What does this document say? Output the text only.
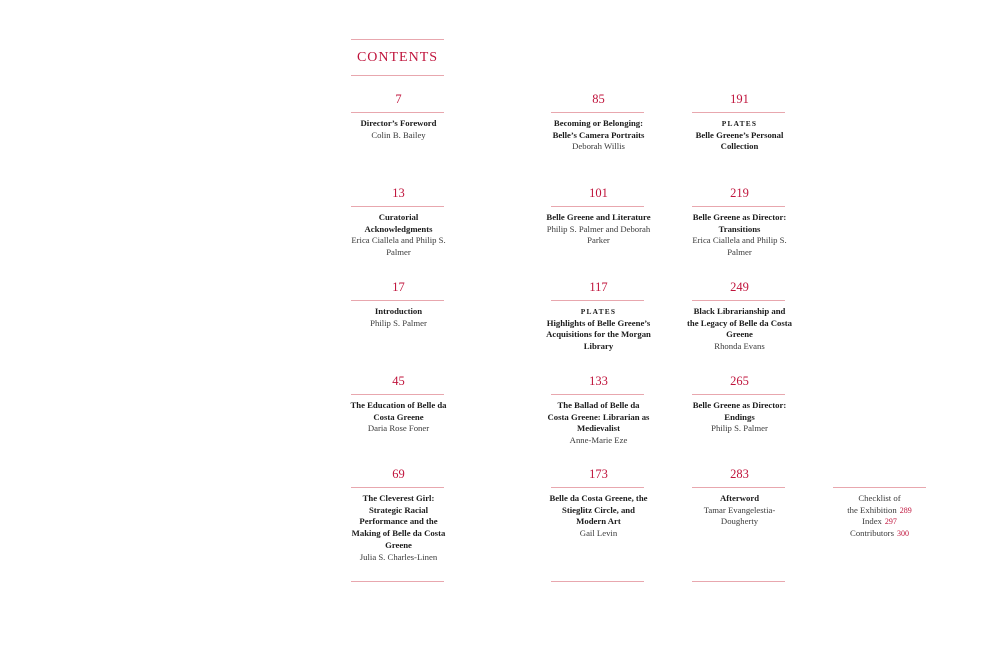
CONTENTS
7
Director’s Foreword
Colin B. Bailey
13
Curatorial Acknowledgments
Erica Ciallela and Philip S. Palmer
17
Introduction
Philip S. Palmer
45
The Education of Belle da Costa Greene
Daria Rose Foner
69
The Cleverest Girl: Strategic Racial Performance and the Making of Belle da Costa Greene
Julia S. Charles-Linen
85
Becoming or Belonging: Belle’s Camera Portraits
Deborah Willis
101
Belle Greene and Literature
Philip S. Palmer and Deborah Parker
117
PLATES
Highlights of Belle Greene’s Acquisitions for the Morgan Library
133
The Ballad of Belle da Costa Greene: Librarian as Medievalist
Anne-Marie Eze
173
Belle da Costa Greene, the Stieglitz Circle, and Modern Art
Gail Levin
191
PLATES
Belle Greene’s Personal Collection
219
Belle Greene as Director: Transitions
Erica Ciallela and Philip S. Palmer
249
Black Librarianship and the Legacy of Belle da Costa Greene
Rhonda Evans
265
Belle Greene as Director: Endings
Philip S. Palmer
283
Afterword
Tamar Evangelestia-Dougherty
Checklist of
the Exhibition 289
Index 297
Contributors 300
